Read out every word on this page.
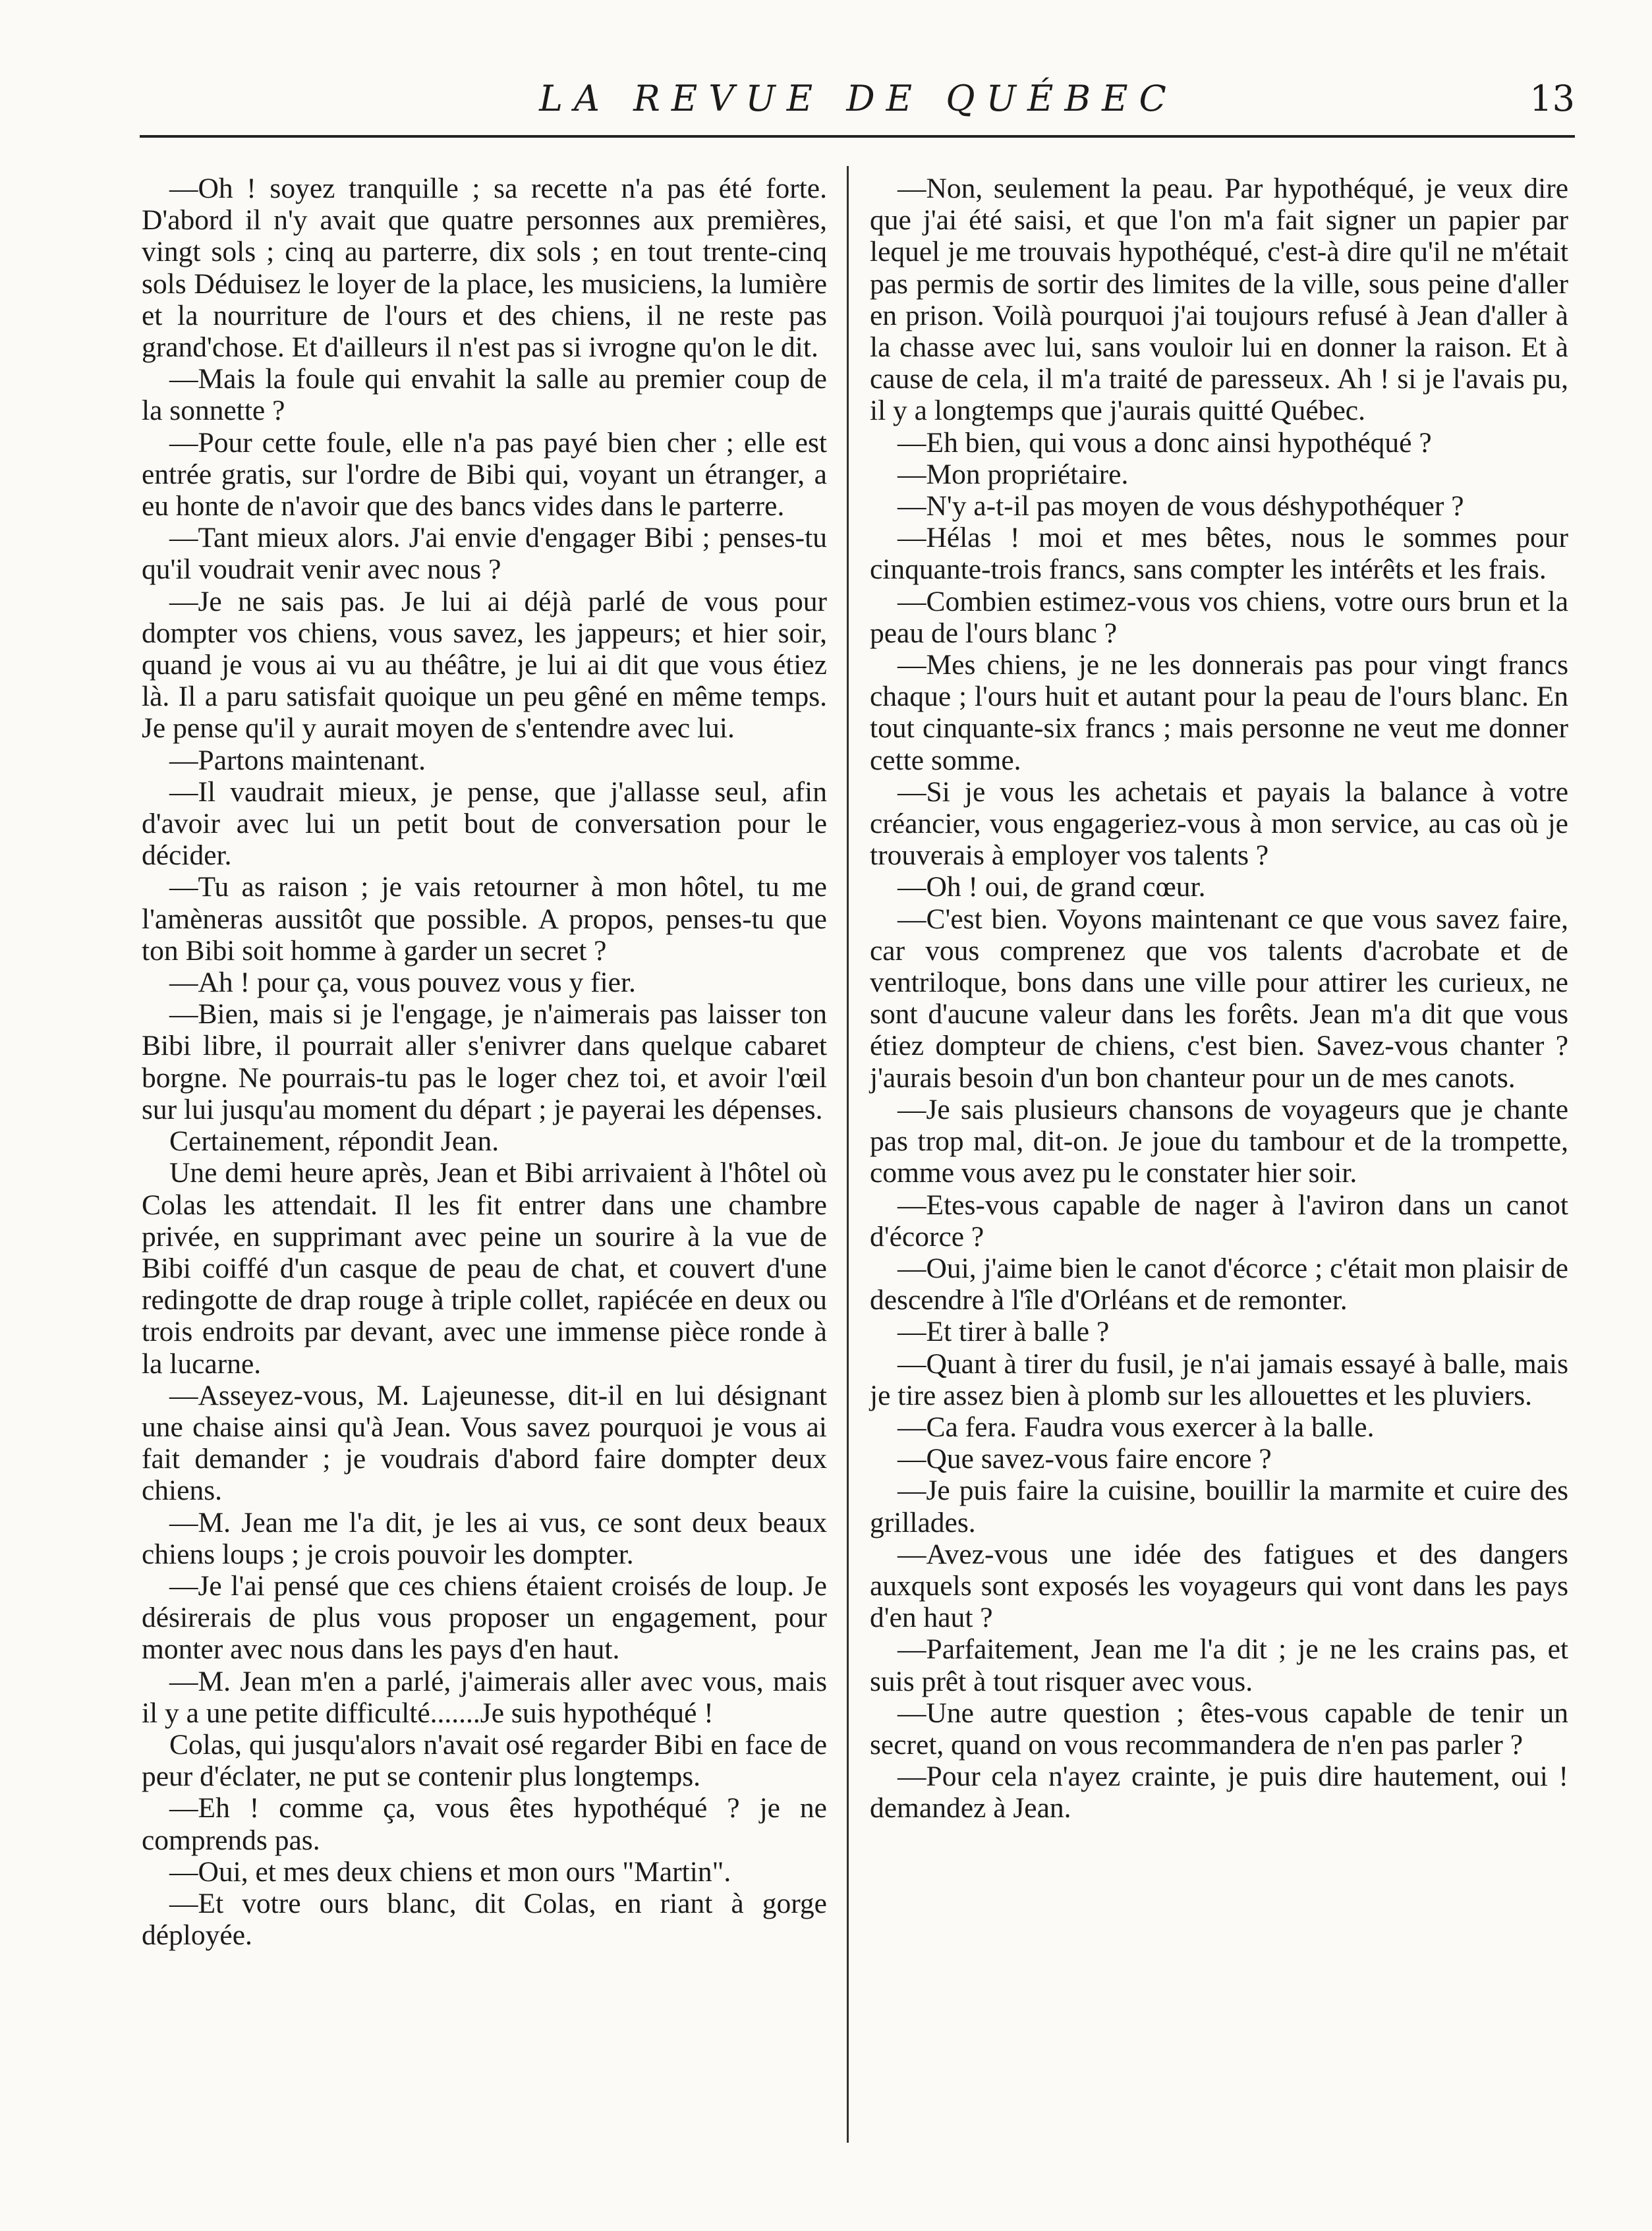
LA REVUE DE QUÉBEC	13

—Oh ! soyez tranquille ; sa recette n'a pas été forte. D'abord il n'y avait que quatre personnes aux premières, vingt sols ; cinq au parterre, dix sols ; en tout trente-cinq sols Déduisez le loyer de la place, les musiciens, la lumière et la nourriture de l'ours et des chiens, il ne reste pas grand'chose. Et d'ailleurs il n'est pas si ivrogne qu'on le dit.

—Mais la foule qui envahit la salle au premier coup de la sonnette ?

—Pour cette foule, elle n'a pas payé bien cher ; elle est entrée gratis, sur l'ordre de Bibi qui, voyant un étranger, a eu honte de n'avoir que des bancs vides dans le parterre.

—Tant mieux alors. J'ai envie d'engager Bibi ; penses-tu qu'il voudrait venir avec nous ?

—Je ne sais pas. Je lui ai déjà parlé de vous pour dompter vos chiens, vous savez, les jappeurs; et hier soir, quand je vous ai vu au théâtre, je lui ai dit que vous étiez là. Il a paru satisfait quoique un peu gêné en même temps. Je pense qu'il y aurait moyen de s'entendre avec lui.

—Partons maintenant.

—Il vaudrait mieux, je pense, que j'allasse seul, afin d'avoir avec lui un petit bout de conversation pour le décider.

—Tu as raison ; je vais retourner à mon hôtel, tu me l'amèneras aussitôt que possible. A propos, penses-tu que ton Bibi soit homme à garder un secret ?

—Ah ! pour ça, vous pouvez vous y fier.

—Bien, mais si je l'engage, je n'aimerais pas laisser ton Bibi libre, il pourrait aller s'enivrer dans quelque cabaret borgne. Ne pourrais-tu pas le loger chez toi, et avoir l'œil sur lui jusqu'au moment du départ ; je payerai les dépenses.

Certainement, répondit Jean.

Une demi heure après, Jean et Bibi arrivaient à l'hôtel où Colas les attendait. Il les fit entrer dans une chambre privée, en supprimant avec peine un sourire à la vue de Bibi coiffé d'un casque de peau de chat, et couvert d'une redingotte de drap rouge à triple collet, rapiécée en deux ou trois endroits par devant, avec une immense pièce ronde à la lucarne.

—Asseyez-vous, M. Lajeunesse, dit-il en lui désignant une chaise ainsi qu'à Jean. Vous savez pourquoi je vous ai fait demander ; je voudrais d'abord faire dompter deux chiens.

—M. Jean me l'a dit, je les ai vus, ce sont deux beaux chiens loups ; je crois pouvoir les dompter.

—Je l'ai pensé que ces chiens étaient croisés de loup. Je désirerais de plus vous proposer un engagement, pour monter avec nous dans les pays d'en haut.

—M. Jean m'en a parlé, j'aimerais aller avec vous, mais il y a une petite difficulté.......Je suis hypothéqué !

Colas, qui jusqu'alors n'avait osé regarder Bibi en face de peur d'éclater, ne put se contenir plus longtemps.

—Eh ! comme ça, vous êtes hypothéqué ? je ne comprends pas.

—Oui, et mes deux chiens et mon ours "Martin".

—Et votre ours blanc, dit Colas, en riant à gorge déployée.

—Non, seulement la peau. Par hypothéqué, je veux dire que j'ai été saisi, et que l'on m'a fait signer un papier par lequel je me trouvais hypothéqué, c'est-à dire qu'il ne m'était pas permis de sortir des limites de la ville, sous peine d'aller en prison. Voilà pourquoi j'ai toujours refusé à Jean d'aller à la chasse avec lui, sans vouloir lui en donner la raison. Et à cause de cela, il m'a traité de paresseux. Ah ! si je l'avais pu, il y a longtemps que j'aurais quitté Québec.

—Eh bien, qui vous a donc ainsi hypothéqué ?

—Mon propriétaire.

—N'y a-t-il pas moyen de vous déshypothéquer ?

—Hélas ! moi et mes bêtes, nous le sommes pour cinquante-trois francs, sans compter les intérêts et les frais.

—Combien estimez-vous vos chiens, votre ours brun et la peau de l'ours blanc ?

—Mes chiens, je ne les donnerais pas pour vingt francs chaque ; l'ours huit et autant pour la peau de l'ours blanc. En tout cinquante-six francs ; mais personne ne veut me donner cette somme.

—Si je vous les achetais et payais la balance à votre créancier, vous engageriez-vous à mon service, au cas où je trouverais à employer vos talents ?

—Oh ! oui, de grand cœur.

—C'est bien. Voyons maintenant ce que vous savez faire, car vous comprenez que vos talents d'acrobate et de ventriloque, bons dans une ville pour attirer les curieux, ne sont d'aucune valeur dans les forêts. Jean m'a dit que vous étiez dompteur de chiens, c'est bien. Savez-vous chanter ? j'aurais besoin d'un bon chanteur pour un de mes canots.

—Je sais plusieurs chansons de voyageurs que je chante pas trop mal, dit-on. Je joue du tambour et de la trompette, comme vous avez pu le constater hier soir.

—Etes-vous capable de nager à l'aviron dans un canot d'écorce ?

—Oui, j'aime bien le canot d'écorce ; c'était mon plaisir de descendre à l'île d'Orléans et de remonter.

—Et tirer à balle ?

—Quant à tirer du fusil, je n'ai jamais essayé à balle, mais je tire assez bien à plomb sur les allouettes et les pluviers.

—Ca fera. Faudra vous exercer à la balle.

—Que savez-vous faire encore ?

—Je puis faire la cuisine, bouillir la marmite et cuire des grillades.

—Avez-vous une idée des fatigues et des dangers auxquels sont exposés les voyageurs qui vont dans les pays d'en haut ?

—Parfaitement, Jean me l'a dit ; je ne les crains pas, et suis prêt à tout risquer avec vous.

—Une autre question ; êtes-vous capable de tenir un secret, quand on vous recommandera de n'en pas parler ?

—Pour cela n'ayez crainte, je puis dire hautement, oui ! demandez à Jean.
